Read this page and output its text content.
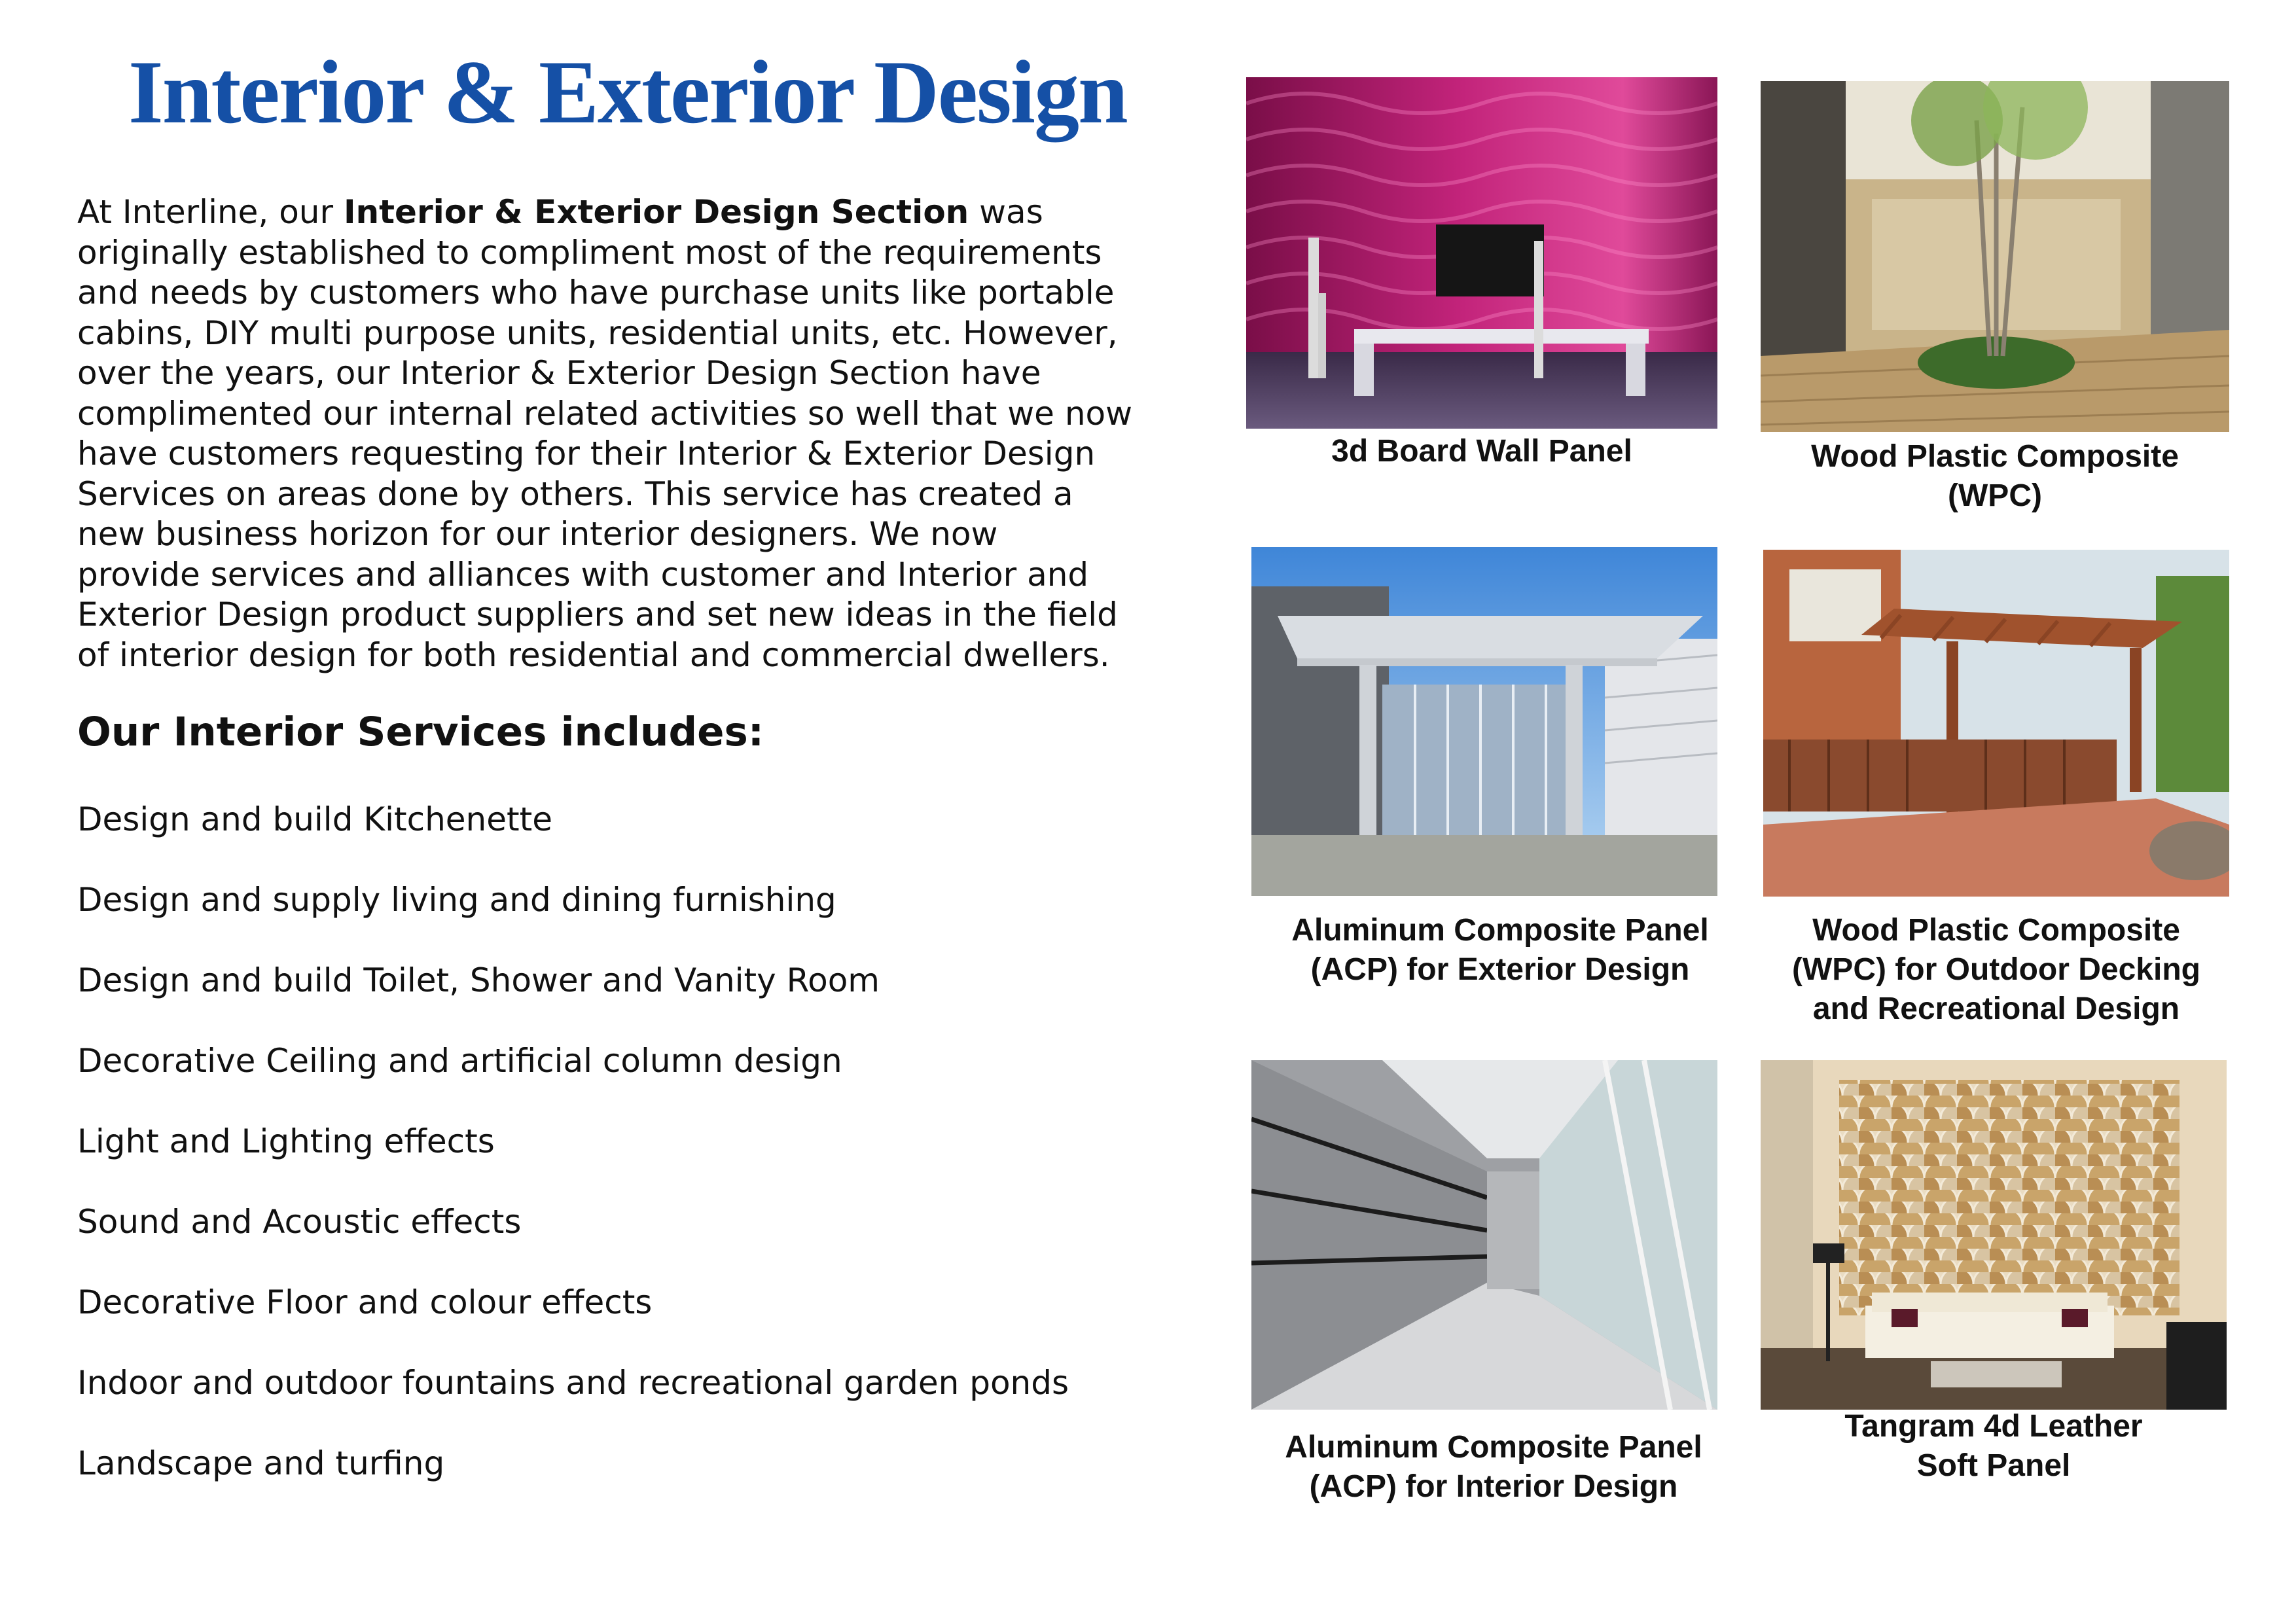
Interior & Exterior Design

At Interline, our Interior & Exterior Design Section was
originally established to compliment most of the requirements
and needs by customers who have purchase units like portable
cabins, DIY multi purpose units, residential units, etc. However,
over the years, our Interior & Exterior Design Section have
complimented our internal related activities so well that we now
have customers requesting for their Interior & Exterior Design
Services on areas done by others. This service has created a
new business horizon for our interior designers. We now
provide services and alliances with customer and Interior and
Exterior Design product suppliers and set new ideas in the field
of interior design for both residential and commercial dwellers.

Our Interior Services includes:
Design and build Kitchenette
Design and supply living and dining furnishing
Design and build Toilet, Shower and Vanity Room
Decorative Ceiling and artificial column design
Light and Lighting effects
Sound and Acoustic effects
Decorative Floor and colour effects
Indoor and outdoor fountains and recreational garden ponds
Landscape and turfing
3d Board Wall Panel	Wood Plastic Composite
(WPC)
Aluminum Composite Panel
(ACP) for Exterior Design
Wood Plastic Composite
(WPC) for Outdoor Decking
and Recreational Design
Aluminum Composite Panel
(ACP) for Interior Design
Tangram 4d Leather
Soft Panel
